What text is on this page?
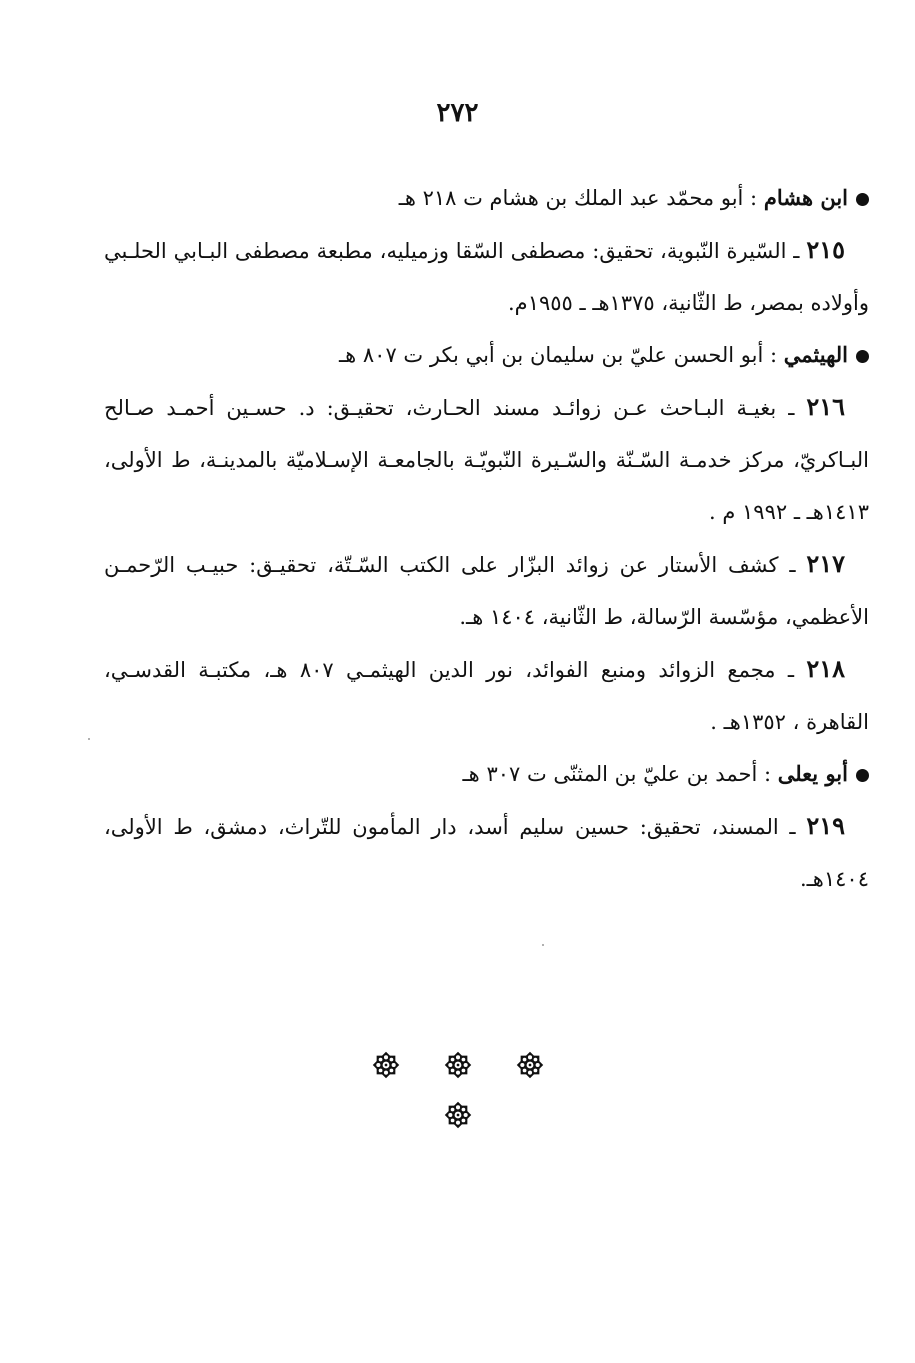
٢٧٢

ابن هشام : أبو محمّد عبد الملك بن هشام ت ٢١٨ هـ

٢١٥ ـ السّيرة النّبوية، تحقيق: مصطفى السّقا وزميليه، مطبعة مصطفى البـابي الحلـبي وأولاده بمصر، ط الثّانية، ١٣٧٥هـ ـ ١٩٥٥م.

الهيثمي : أبو الحسن عليّ بن سليمان بن أبي بكر ت ٨٠٧ هـ

٢١٦ ـ بغيـة البـاحث عـن زوائـد مسند الحـارث، تحقيـق: د. حسـين أحمـد صـالح البـاكريّ، مركز خدمـة السّـنّة والسّـيرة النّبويّـة بالجامعـة الإسـلاميّة بالمدينـة، ط الأولى، ١٤١٣هـ ـ ١٩٩٢ م .

٢١٧ ـ كشف الأستار عن زوائد البزّار على الكتب السّـتّة، تحقيـق: حبيـب الرّحمـن الأعظمي، مؤسّسة الرّسالة، ط الثّانية، ١٤٠٤ هـ.

٢١٨ ـ مجمع الزوائد ومنبع الفوائد، نور الدين الهيثمـي ٨٠٧ هـ، مكتبـة القدسـي، القاهرة ، ١٣٥٢هـ .

أبو يعلى : أحمد بن عليّ بن المثنّى ت ٣٠٧ هـ

٢١٩ ـ المسند، تحقيق: حسين سليم أسد، دار المأمون للتّراث، دمشق، ط الأولى، ١٤٠٤هـ.
